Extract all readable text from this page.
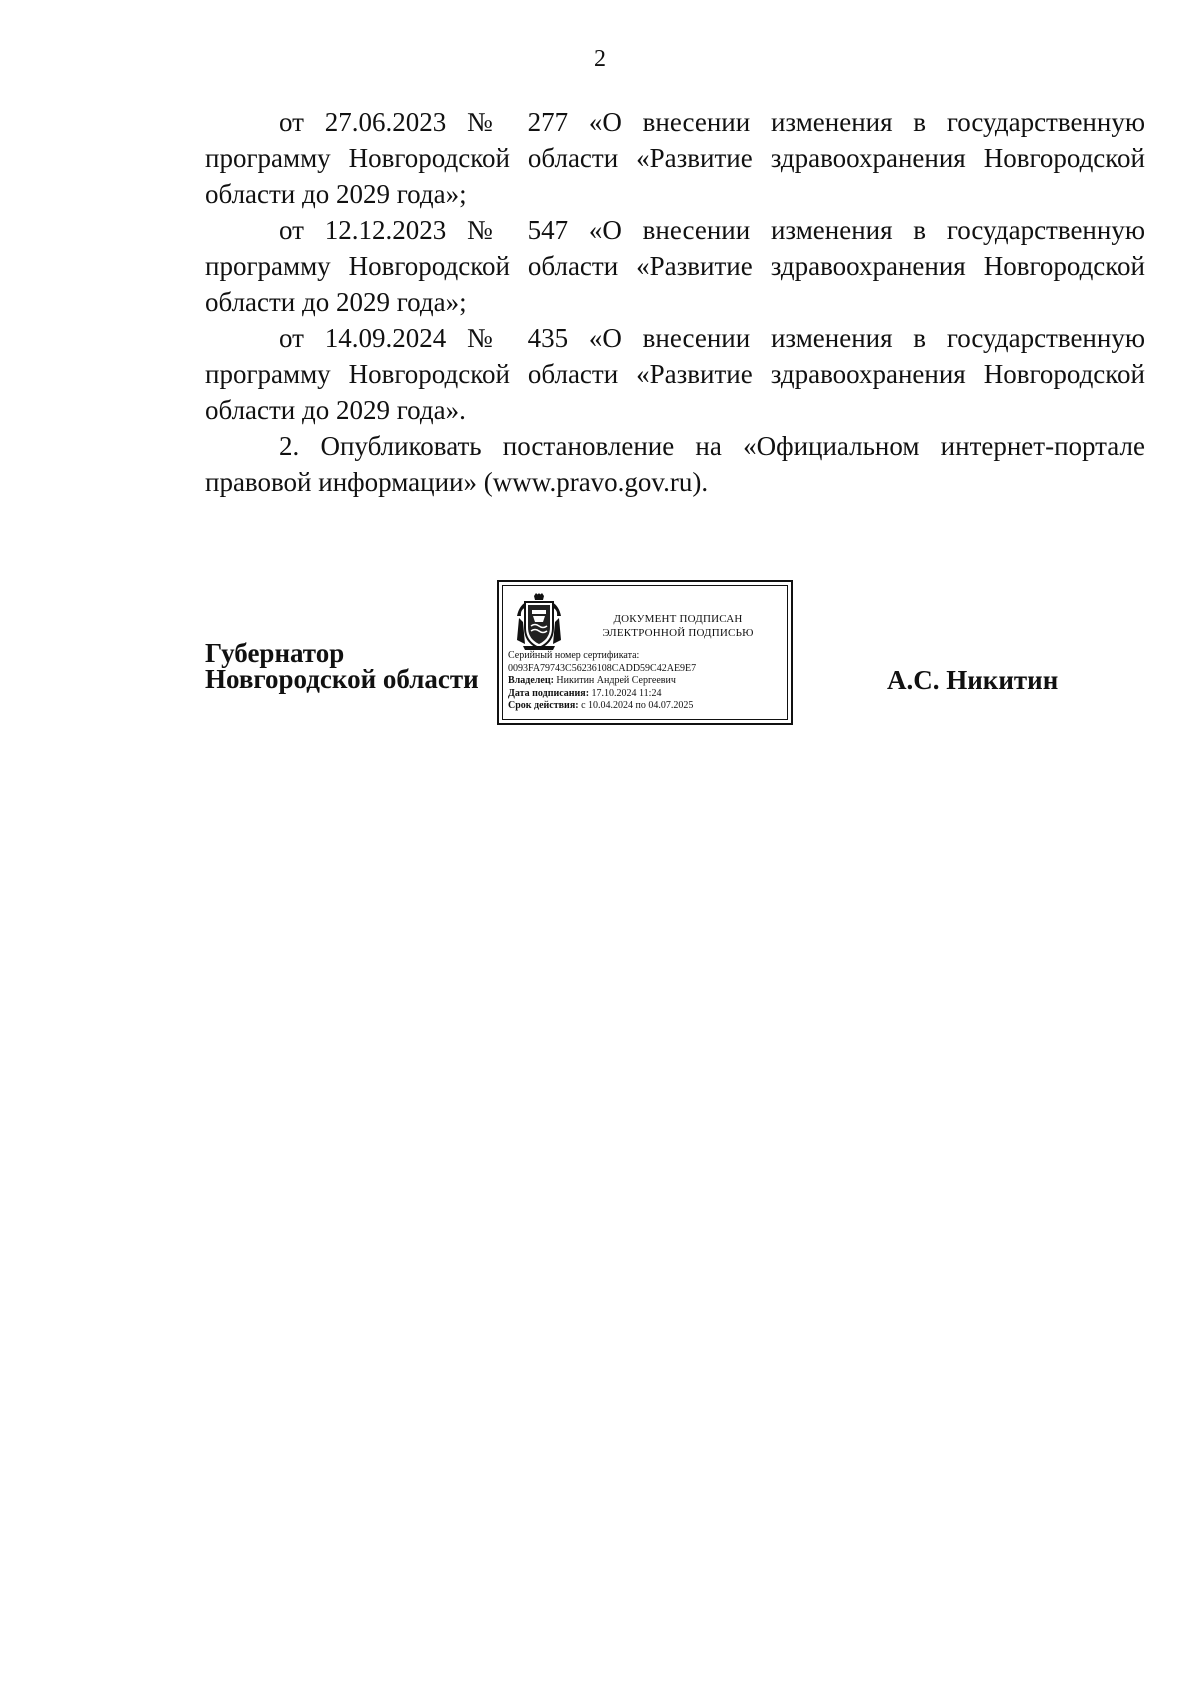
2

от 27.06.2023 № 277 «О внесении изменения в государственную программу Новгородской области «Развитие здравоохранения Новгородской области до 2029 года»;

от 12.12.2023 № 547 «О внесении изменения в государственную программу Новгородской области «Развитие здравоохранения Новгородской области до 2029 года»;

от 14.09.2024 № 435 «О внесении изменения в государственную программу Новгородской области «Развитие здравоохранения Новгородской области до 2029 года».

2. Опубликовать постановление на «Официальном интернет-портале правовой информации» (www.pravo.gov.ru).

Губернатор
Новгородской области
ДОКУМЕНТ ПОДПИСАН
ЭЛЕКТРОННОЙ ПОДПИСЬЮ
Серийный номер сертификата:
0093FA79743C56236108CADD59C42AE9E7
Владелец: Никитин Андрей Сергеевич
Дата подписания: 17.10.2024 11:24
Срок действия: с 10.04.2024 по 04.07.2025
А.С. Никитин
